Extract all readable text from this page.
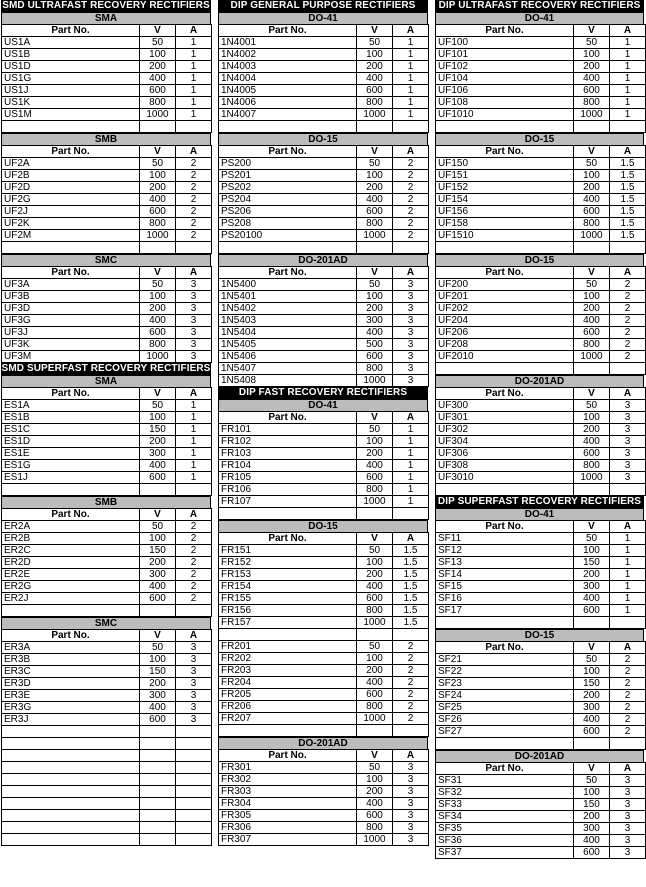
SMD ULTRAFAST RECOVERY RECTIFIERS
SMA
Part No.	V	A
US1A	50	1
US1B	100	1
US1D	200	1
US1G	400	1
US1J	600	1
US1K	800	1
US1M	1000	1

SMB
Part No.	V	A
UF2A	50	2
UF2B	100	2
UF2D	200	2
UF2G	400	2
UF2J	600	2
UF2K	800	2
UF2M	1000	2

SMC
Part No.	V	A
UF3A	50	3
UF3B	100	3
UF3D	200	3
UF3G	400	3
UF3J	600	3
UF3K	800	3
UF3M	1000	3
SMD SUPERFAST RECOVERY RECTIFIERS
SMA
Part No.	V	A
ES1A	50	1
ES1B	100	1
ES1C	150	1
ES1D	200	1
ES1E	300	1
ES1G	400	1
ES1J	600	1

SMB
Part No.	V	A
ER2A	50	2
ER2B	100	2
ER2C	150	2
ER2D	200	2
ER2E	300	2
ER2G	400	2
ER2J	600	2

SMC
Part No.	V	A
ER3A	50	3
ER3B	100	3
ER3C	150	3
ER3D	200	3
ER3E	300	3
ER3G	400	3
ER3J	600	3

DIP GENERAL PURPOSE RECTIFIERS
DO-41
Part No.	V	A
1N4001	50	1
1N4002	100	1
1N4003	200	1
1N4004	400	1
1N4005	600	1
1N4006	800	1
1N4007	1000	1

DO-15
Part No.	V	A
PS200	50	2
PS201	100	2
PS202	200	2
PS204	400	2
PS206	600	2
PS208	800	2
PS20100	1000	2

DO-201AD
Part No.	V	A
1N5400	50	3
1N5401	100	3
1N5402	200	3
1N5403	300	3
1N5404	400	3
1N5405	500	3
1N5406	600	3
1N5407	800	3
1N5408	1000	3
DIP FAST RECOVERY RECTIFIERS
DO-41
Part No.	V	A
FR101	50	1
FR102	100	1
FR103	200	1
FR104	400	1
FR105	600	1
FR106	800	1
FR107	1000	1

DO-15
Part No.	V	A
FR151	50	1.5
FR152	100	1.5
FR153	200	1.5
FR154	400	1.5
FR155	600	1.5
FR156	800	1.5
FR157	1000	1.5

FR201	50	2
FR202	100	2
FR203	200	2
FR204	400	2
FR205	600	2
FR206	800	2
FR207	1000	2

DO-201AD
Part No.	V	A
FR301	50	3
FR302	100	3
FR303	200	3
FR304	400	3
FR305	600	3
FR306	800	3
FR307	1000	3
DIP ULTRAFAST RECOVERY RECTIFIERS
DO-41
Part No.	V	A
UF100	50	1
UF101	100	1
UF102	200	1
UF104	400	1
UF106	600	1
UF108	800	1
UF1010	1000	1

DO-15
Part No.	V	A
UF150	50	1.5
UF151	100	1.5
UF152	200	1.5
UF154	400	1.5
UF156	600	1.5
UF158	800	1.5
UF1510	1000	1.5

DO-15
Part No.	V	A
UF200	50	2
UF201	100	2
UF202	200	2
UF204	400	2
UF206	600	2
UF208	800	2
UF2010	1000	2

DO-201AD
Part No.	V	A
UF300	50	3
UF301	100	3
UF302	200	3
UF304	400	3
UF306	600	3
UF308	800	3
UF3010	1000	3

DIP SUPERFAST RECOVERY RECTIFIERS
DO-41
Part No.	V	A
SF11	50	1
SF12	100	1
SF13	150	1
SF14	200	1
SF15	300	1
SF16	400	1
SF17	600	1

DO-15
Part No.	V	A
SF21	50	2
SF22	100	2
SF23	150	2
SF24	200	2
SF25	300	2
SF26	400	2
SF27	600	2

DO-201AD
Part No.	V	A
SF31	50	3
SF32	100	3
SF33	150	3
SF34	200	3
SF35	300	3
SF36	400	3
SF37	600	3
